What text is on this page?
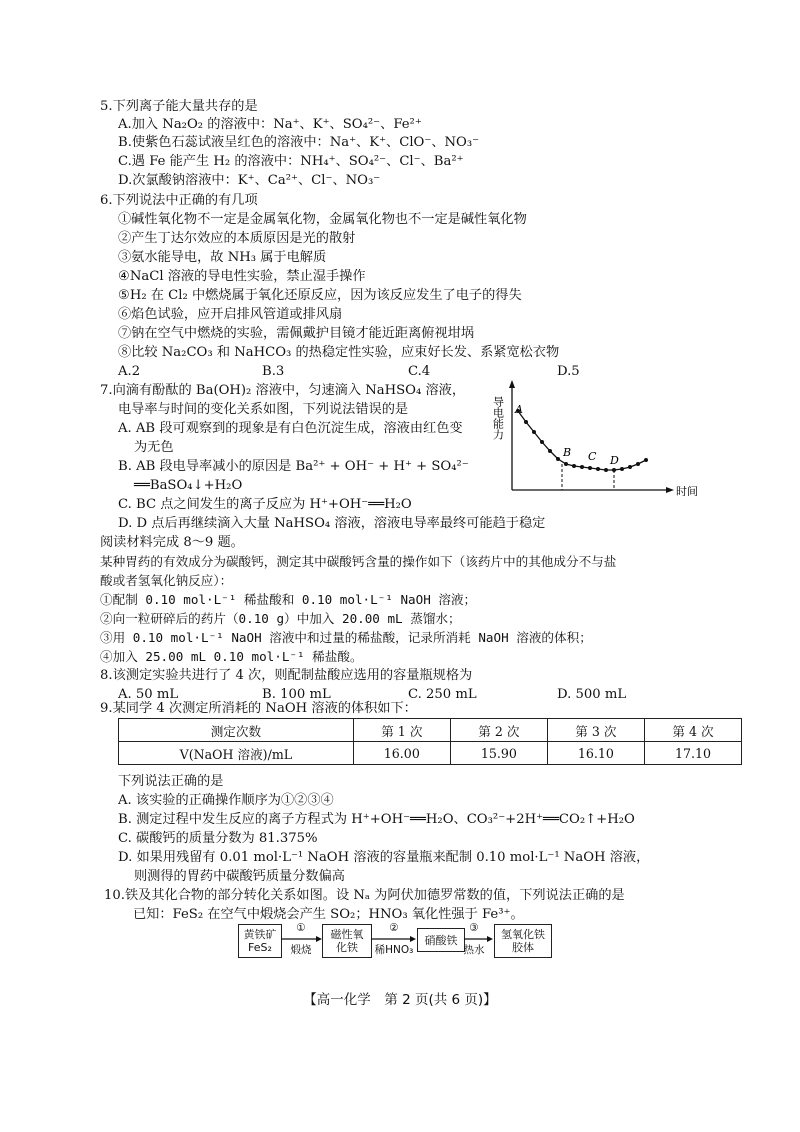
5.下列离子能大量共存的是
A.加入 Na₂O₂ 的溶液中：Na⁺、K⁺、SO₄²⁻、Fe²⁺
B.使紫色石蕊试液呈红色的溶液中：Na⁺、K⁺、ClO⁻、NO₃⁻
C.遇 Fe 能产生 H₂ 的溶液中：NH₄⁺、SO₄²⁻、Cl⁻、Ba²⁺
D.次氯酸钠溶液中：K⁺、Ca²⁺、Cl⁻、NO₃⁻
6.下列说法中正确的有几项
①碱性氧化物不一定是金属氧化物，金属氧化物也不一定是碱性氧化物
②产生丁达尔效应的本质原因是光的散射
③氨水能导电，故 NH₃ 属于电解质
④NaCl 溶液的导电性实验，禁止湿手操作
⑤H₂ 在 Cl₂ 中燃烧属于氧化还原反应，因为该反应发生了电子的得失
⑥焰色试验，应开启排风管道或排风扇
⑦钠在空气中燃烧的实验，需佩戴护目镜才能近距离俯视坩埚
⑧比较 Na₂CO₃ 和 NaHCO₃ 的热稳定性实验，应束好长发、系紧宽松衣物
A.2	B.3	C.4	D.5
7.向滴有酚酞的 Ba(OH)₂ 溶液中，匀速滴入 NaHSO₄ 溶液，
电导率与时间的变化关系如图，下列说法错误的是
A. AB 段可观察到的现象是有白色沉淀生成，溶液由红色变
为无色
B. AB 段电导率减小的原因是 Ba²⁺ + OH⁻ + H⁺ + SO₄²⁻
══BaSO₄↓+H₂O
C. BC 点之间发生的离子反应为 H⁺+OH⁻══H₂O
D. D 点后再继续滴入大量 NaHSO₄ 溶液，溶液电导率最终可能趋于稳定
导电能力
时间
A
B C D
阅读材料完成 8～9 题。
某种胃药的有效成分为碳酸钙，测定其中碳酸钙含量的操作如下（该药片中的其他成分不与盐
酸或者氢氧化钠反应）：
①配制 0.10 mol·L⁻¹ 稀盐酸和 0.10 mol·L⁻¹ NaOH 溶液；
②向一粒研碎后的药片（0.10 g）中加入 20.00 mL 蒸馏水；
③用 0.10 mol·L⁻¹ NaOH 溶液中和过量的稀盐酸，记录所消耗 NaOH 溶液的体积；
④加入 25.00 mL 0.10 mol·L⁻¹ 稀盐酸。
8.该测定实验共进行了 4 次，则配制盐酸应选用的容量瓶规格为
A. 50 mL	B. 100 mL	C. 250 mL	D. 500 mL
9.某同学 4 次测定所消耗的 NaOH 溶液的体积如下：
测定次数	第 1 次	第 2 次	第 3 次	第 4 次
V(NaOH 溶液)/mL	16.00	15.90	16.10	17.10
下列说法正确的是
A. 该实验的正确操作顺序为①②③④
B. 测定过程中发生反应的离子方程式为 H⁺+OH⁻══H₂O、CO₃²⁻+2H⁺══CO₂↑+H₂O
C. 碳酸钙的质量分数为 81.375%
D. 如果用残留有 0.01 mol·L⁻¹ NaOH 溶液的容量瓶来配制 0.10 mol·L⁻¹ NaOH 溶液，
则测得的胃药中碳酸钙质量分数偏高
10.铁及其化合物的部分转化关系如图。设 Nₐ 为阿伏加德罗常数的值，下列说法正确的是
已知：FeS₂ 在空气中煅烧会产生 SO₂；HNO₃ 氧化性强于 Fe³⁺。
黄铁矿
FeS₂
①
煅烧
磁性氧
化铁
②
稀HNO₃
硝酸铁
③
热水
氢氧化铁
胶体
【高一化学　第 2 页(共 6 页)】
